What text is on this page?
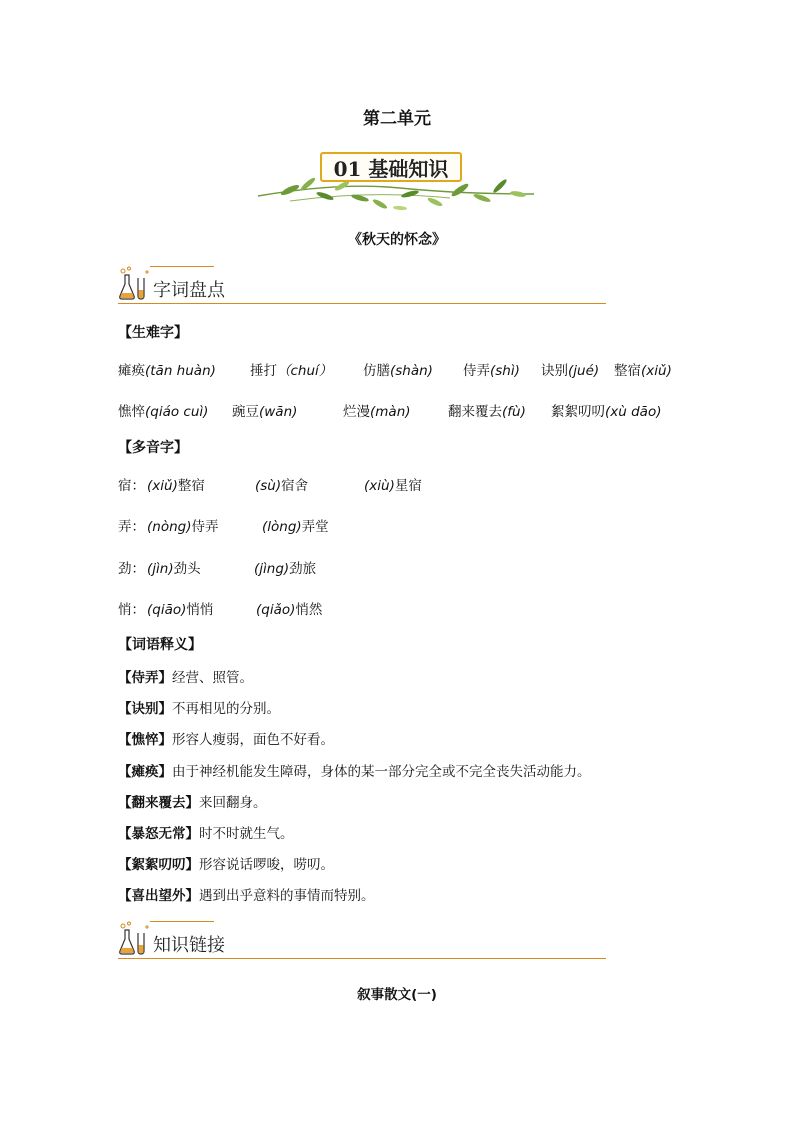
第二单元
01 基础知识
《秋天的怀念》
字词盘点
【生难字】
瘫痪(tān huàn)	捶打（chuí） 仿膳(shàn) 侍弄(shì) 诀别(jué) 整宿(xiǔ)
憔悴(qiáo cuì) 豌豆(wān)	烂漫(màn)	翻来覆去(fù) 絮絮叨叨(xù dāo)
【多音字】
宿： (xiǔ)整宿	(sù)宿舍	(xiù)星宿
弄： (nòng)侍弄	(lòng)弄堂
劲： (jìn)劲头	(jìng)劲旅
悄： (qiāo)悄悄	(qiǎo)悄然
【词语释义】
【侍弄】经营、照管。
【诀别】不再相见的分别。
【憔悴】形容人瘦弱，面色不好看。
【瘫痪】由于神经机能发生障碍，身体的某一部分完全或不完全丧失活动能力。
【翻来覆去】来回翻身。
【暴怒无常】时不时就生气。
【絮絮叨叨】形容说话啰唆，唠叨。
【喜出望外】遇到出乎意料的事情而特别。
知识链接
叙事散文(一)
